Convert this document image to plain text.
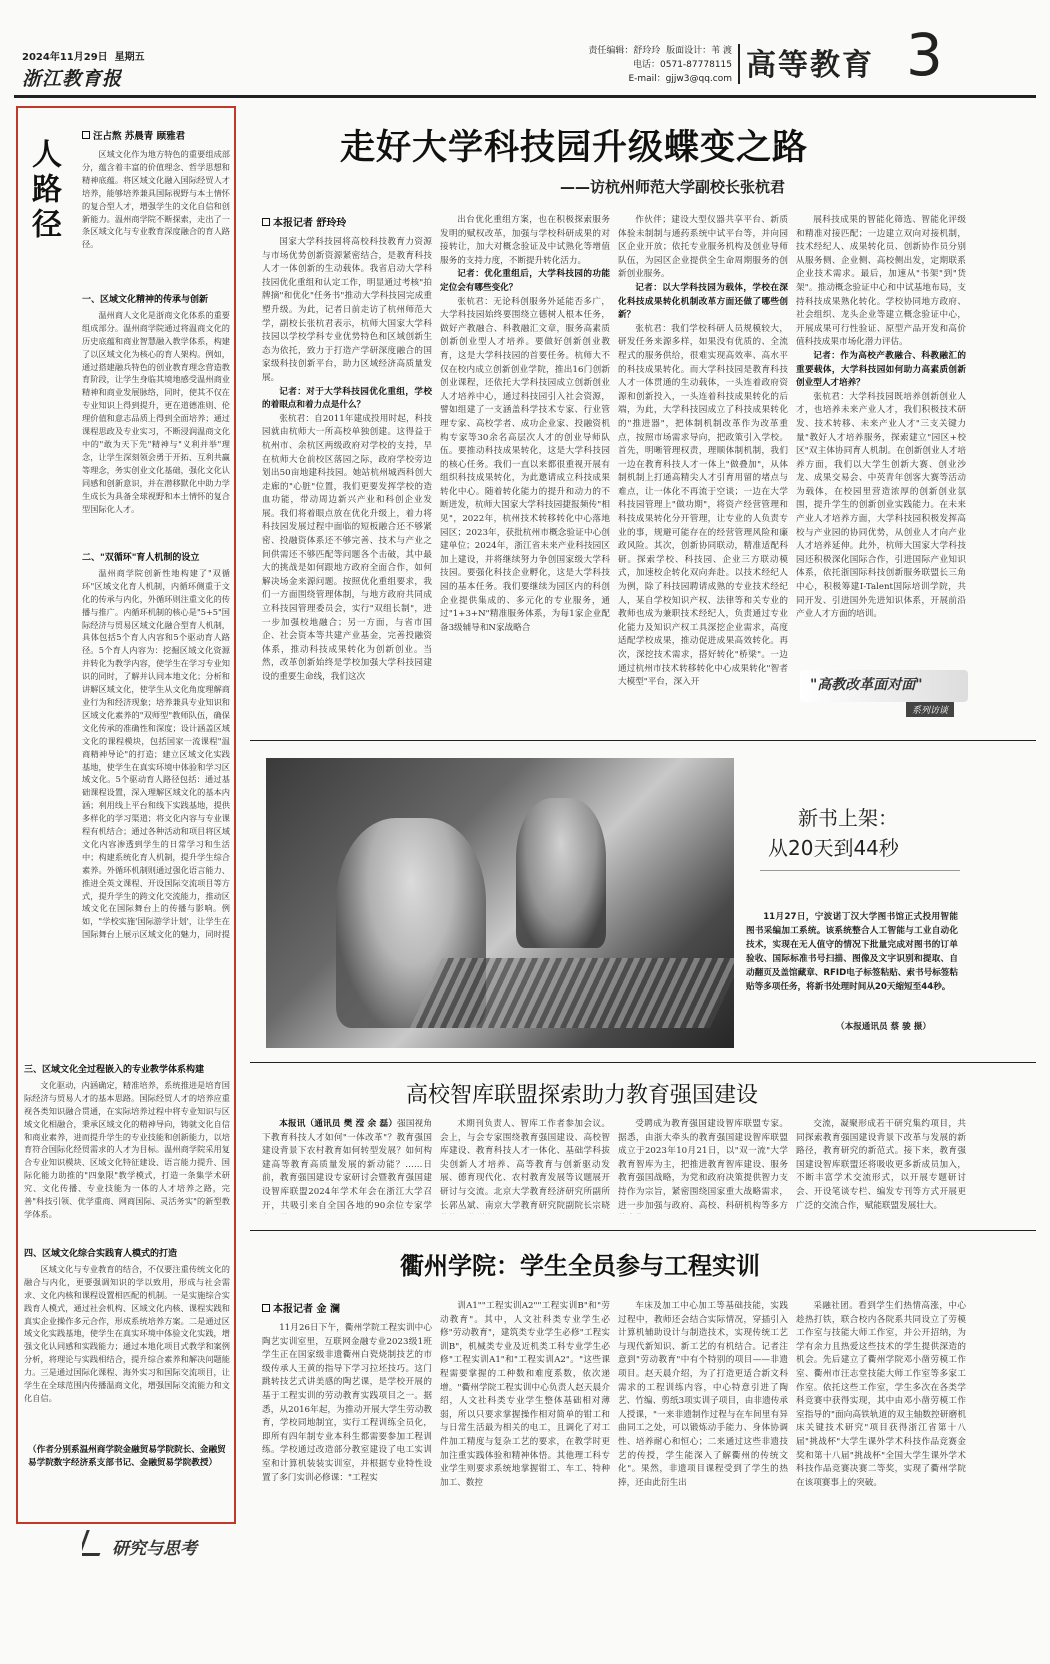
2024年11月29日 星期五
浙江教育报
责任编辑：舒玲玲 版面设计：苇 渡
电话：0571-87778115
E-mail：gjjw3@qq.com 高等教育 3
人路径
汪占熬 苏晨青 顾雅君

区域文化作为地方特色的重要组成部分，蕴含着丰富的价值理念、哲学思想和精神底蕴。将区域文化融入国际经贸人才培养，能够培养兼具国际视野与本土情怀的复合型人才，增强学生的文化自信和创新能力。温州商学院不断探索，走出了一条区域文化与专业教育深度融合的育人路径。

一、区域文化精神的传承与创新

温州商人文化是浙商文化体系的重要组成部分。温州商学院通过将温商文化的历史底蕴和商业智慧融入教学体系，构建了以区域文化为核心的育人架构。例如，通过搭建融兵特色的创业教育理念营造教育阶段，让学生身临其境地感受温州商业精神和商业发展脉络，同时，使其不仅在专业知识上得到提升，更在道德准则、伦理价值和意志品质上得到全面培养；通过课程思政及专业实习，不断浸润温商文化中的"敢为天下先"精神与"义利并举"理念，让学生深刻领会勇于开拓、互利共赢等理念，务实创业文化基础，强化文化认同感和创新意识，并在潜移默化中助力学生成长为具备全球视野和本土情怀的复合型国际化人才。

二、"双循环"育人机制的设立

温州商学院创新性地构建了"双循环"区域文化育人机制，内循环侧重于文化的传承与内化，外循环则注重文化的传播与推广。内循环机制的核心是"5+5"国际经济与贸易区域文化融合型育人机制，具体包括5个育人内容和5个驱动育人路径。5个育人内容为：挖掘区域文化资源并转化为教学内容，使学生在学习专业知识的同时，了解并认同本地文化；分析和讲解区域文化，使学生从文化角度理解商业行为和经济现象；培养兼具专业知识和区域文化素养的"双师型"教师队伍，确保文化传承的准确性和深度；设计涵盖区域文化的课程模块，包括国家一流课程"温商精神导论"的打造；建立区域文化实践基地，使学生在真实环境中体验和学习区域文化。5个驱动育人路径包括：通过基础课程设置，深入理解区域文化的基本内涵；利用线上平台和线下实践基地，提供多样化的学习渠道；将文化内容与专业课程有机结合；通过各种活动和项目将区域文化内容渗透到学生的日常学习和生活中；构建系统化育人机制，提升学生综合素养。外循环机制则通过强化语言能力、推进全英文课程、开设国际交流项目等方式，提升学生的跨文化交流能力，推动区域文化在国际舞台上的传播与影响。例如，"学校实施'国际游学计划'，让学生在国际舞台上展示区域文化的魅力，同时提

三、区域文化全过程嵌入的专业教学体系构建

文化驱动，内涵确定，精准培养，系统推进是培育国际经济与贸易人才的基本思路。国际经贸人才的培养应重视各类知识融合贯通，在实际培养过程中将专业知识与区域文化相融合，秉承区域文化的精神导向，铸就文化自信和商业素养，进而提升学生的专业技能和创新能力，以培育符合国际化经贸需求的人才为目标。温州商学院采用复合专业知识模块、区域文化特征建设、语言能力提升、国际化能力助推的"四象限"教学模式，打造一条集学术研究、文化传播、专业技能为一体的人才培养之路，完善"科技引领、优学重商、网商国际、灵活务实"的新型教学体系。

四、区域文化综合实践育人模式的打造

区域文化与专业教育的结合，不仅要注重传统文化的融合与内化，更要强调知识的学以致用，形成与社会需求、文化内核和课程设置相匹配的机制。一是实施综合实践育人模式，通过社会机构、区域文化内核、课程实践和真实企业操作多元合作，形成系统培养方案。二是通过区域文化实践基地，使学生在真实环境中体验文化实践，增强文化认同感和实践能力；通过本地化项目式教学和案例分析，将理论与实践相结合，提升综合素养和解决问题能力。三是通过国际化课程、海外实习和国际交流项目，让学生在全球范围内传播温商文化，增强国际交流能力和文化自信。

（作者分别系温州商学院金融贸易学院院长、金融贸易学院数字经济系支部书记、金融贸易学院教授）
研究与思考
走好大学科技园升级蝶变之路
——访杭州师范大学副校长张杭君
本报记者 舒玲玲

国家大学科技园将高校科技教育力资源与市场优势创新资源紧密结合，是教育科技人才一体创新的生动载体。我省启动大学科技园优化重组和认定工作，明显通过考核"拍牌摘"和优化"任务书"推动大学科技园完成重塑升级。为此，记者日前走访了杭州师范大学，副校长张杭君表示，杭师大国家大学科技园以学校学科专业优势特色和区域创新生态为依托，致力于打造产学研深度融合的国家级科技创新平台，助力区域经济高质量发展。

记者：对于大学科技园优化重组，学校的着眼点和着力点是什么？

张杭君：自2011年建成投用时起，科技园就由杭师大一所高校单独创建。这得益于杭州市、余杭区两级政府对学校的支持，早在杭师大仓前校区落园之际，政府学校旁边划出50亩地建科技园。她站杭州城西科创大走廊的"心脏"位置，我们更要发挥学校的造血功能，带动周边新兴产业和科创企业发展。我们将着眼点放在优化升级上，着力将科技园发展过程中面临的短板融合还不够紧密、投融资体系还不够完善、技术与产业之间供需还不够匹配等问题各个击破，其中最大的挑战是如何跟地方政府全面合作，如何解决场金来源问题。按照优化重组要求，我们一方面围绕管理体制，与地方政府共同成立科技园管理委员会，实行"双组长制"，进一步加强校地融合；另一方面，与省市国企、社会资本等共建产业基金，完善投融资体系，推动科技成果转化为创新创业。当然，改革创新始终是学校加强大学科技园建设的重要生命线，我们这次

出台优化重组方案，也在积极探索服务发明的赋权改革，加强与学校科研成果的对接转让，加大对概念验证及中试熟化等增值服务的支持力度，不断提升转化活力。

记者：优化重组后，大学科技园的功能定位会有哪些变化？

张杭君：无论科创服务外延能否多广，大学科技园始终要围绕立德树人根本任务，做好产教融合、科教融汇文章，服务高素质创新创业型人才培养。要做好创新创业教育，这是大学科技园的首要任务。杭师大不仅在校内成立创新创业学院，推出16门创新创业课程，还依托大学科技园成立创新创业人才培养中心，通过科技园引入社会资源，譬如组建了一支涵盖科学技术专家、行业管理专家、高校学者、成功企业家、投融资机构专家等30余名高层次人才的创业导师队伍。要推动科技成果转化，这是大学科技园的核心任务。我们一直以来都很重视开展有组织科技成果转化，为此邀请成立科技成果转化中心。随着转化能力的提升和动力的不断迸发，杭师大国家大学科技园捷报频传"相见"，2022年，杭州技术转移转化中心落地园区；2023年，获批杭州市概念验证中心创建单位；2024年，浙江省未来产业科技园区加上建设，并将继续努力争创国家级大学科技园。要强化科技企业孵化，这是大学科技园的基本任务。我们要继续为园区内的科创企业提供集成的、多元化的专业服务，通过"1+3+N"精准服务体系，为每1家企业配备3级辅导和N家战略合

作伙伴；建设大型仪器共享平台、新质体验未制制与通药系统中试平台等，并向园区企业开放；依托专业服务机构及创业导师队伍，为园区企业提供全生命周期服务的创新创业服务。

记者：以大学科技园为载体，学校在深化科技成果转化机制改革方面还做了哪些创新？

张杭君：我们学校科研人员规模较大，研发任务来源多样，如果没有优质的、全流程式的服务供给，很难实现高效率、高水平的科技成果转化。而大学科技园是教育科技人才一体贯通的生动载体，一头连着政府资源和创新投入，一头连着科技成果转化的后端，为此，大学科技园成立了科技成果转化的"推进器"，把体制机制改革作为改革重点，按照市场需求导向，把政策引入学校。首先，明晰管理权责，理顺体制机制，我们一边在教育科技人才一体上"做叠加"，从体制机制上打通高精尖人才引育用留的堵点与难点，让一体化不再流于空谈；一边在大学科技园管理上"做功期"，将资产经营管理和科技成果转化分开管理，让专业的人负责专业的事，规避可能存在的经营管理风险和廉政风险。其次，创新协同联动，精准适配科研。探索学校、科技园、企业三方联动模式，加速校企转化双向奔赴。以技术经纪人为例，除了科技园聘请成熟的专业技术经纪人，某自学校知识产权、法律等和关专业的教师也成为兼职技术经纪人，负责通过专业化能力及知识产权工具深挖企业需求，高度适配学校成果，推动促进成果高效转化。再次，深挖技术需求，搭好转化"桥梁"。一边通过杭州市技术转移转化中心成果转化"智者大模型"平台，深入开

展科技成果的智能化筛选、智能化评级和精准对接匹配；一边建立双向对接机制，技术经纪人、成果转化员、创新协作员分别从服务侧、企业侧、高校侧出发，定期联系企业技术需求。最后，加速从"书架"到"货架"。推动概念验证中心和中试基地布局，支持科技成果熟化转化。学校协同地方政府、社会组织、龙头企业等建立概念验证中心，开展成果可行性验证、原型产品开发和高价值科技成果市场化潜力评估。

记者：作为高校产教融合、科教融汇的重要载体，大学科技园如何助力高素质创新创业型人才培养？

张杭君：大学科技园既培养创新创业人才，也培养未来产业人才，我们积极技术研发、技术转移、未来产业人才"三支关键力量"教好人才培养服务，探索建立"园区+校区"双主体协同育人机制。在创新创业人才培养方面，我们以大学生创新大赛、创业沙龙、成果交易会、中英青年创客大赛等活动为载体，在校园里营造浓厚的创新创业氛围，提升学生的创新创业实践能力。在未来产业人才培养方面，大学科技园积极发挥高校与产业园的协同优势，从创业人才向产业人才培养延伸。此外，杭师大国家大学科技园还积极深化国际合作，引进国际产业知识体系，依托浙国际科技创新服务联盟长三角中心，积极筹建I-Talent国际培训学院，共同开发、引进国外先进知识体系，开展前沿产业人才方面的培训。

"高教改革面对面"
系列访谈
新书上架：
从20天到44秒
11月27日，宁波诺丁汉大学图书馆正式投用智能图书采编加工系统。该系统整合人工智能与工业自动化技术，实现在无人值守的情况下批量完成对图书的订单验收、国际标准书号扫描、图像及文字识别和提取、自动翻页及盖馆藏章、RFID电子标签粘贴、索书号标签粘贴等多项任务，将新书处理时间从20天缩短至44秒。
（本报通讯员 蔡 骏 摄）
高校智库联盟探索助力教育强国建设

本报讯（通讯员 樊 滢 余 磊）强国视角下教育科技人才如何"一体改革"？教育强国建设背景下农村教育如何转型发展？如何构建高等教育高质量发展的新动能？……日前，教育强国建设专家研讨会暨教育强国建设智库联盟2024年学术年会在浙江大学召开，共吸引来自全国各地的90余位专家学

术期刊负责人、智库工作者参加会议。会上，与会专家围绕教育强国建设、高校智库建设、教育科技人才一体化、基础学科拔尖创新人才培养、高等教育与创新驱动发展、德育现代化、农村教育发展等议题展开研讨与交流。北京大学教育经济研究所副所长郭丛斌、南京大学教育研究院副院长宗晓

受聘成为教育强国建设智库联盟专家。据悉，由浙大牵头的教育强国建设智库联盟成立于2023年10月21日，以"双一流"大学教育智库为主，把推进教育智库建设、服务教育强国战略，为党和政府决策提供智力支持作为宗旨，紧密围绕国家重大战略需求，进一步加强与政府、高校、科研机构等多方

交流，凝聚形成若干研究集约项目，共同探索教育强国建设背景下改革与发展的新路径，教育研究的新范式。接下来，教育强国建设智库联盟还将吸收更多新成员加入，不断丰富学术交流形式，以开展专题研讨会、开设笔谈专栏、编发专刊等方式开展更广泛的交流合作，赋能联盟发展壮大。

衢州学院：学生全员参与工程实训
本报记者 金 澜

11月26日下午，衢州学院工程实训中心陶艺实训室里，互联网金融专业2023级1班学生正在国家级非遗衢州白瓷烧制技艺的市级传承人王黄的指导下学习拉坯技巧。这门跳转技艺式讲美感的陶艺课，是学校开展的基于工程实训的劳动教育实践项目之一。据悉，从2016年起，为推动开展大学生劳动教育，学校同地制宜，实行工程训练全员化，即所有四年制专业本科生都需要参加工程训练。学校通过改造部分教室建设了电工实训室和计算机装装实训室，并根据专业特性设置了多门实训必修课："工程实

训A1""工程实训A2""工程实训B"和"劳动教育"。其中，人文社科类专业学生必修"劳动教育"，建筑类专业学生必修"工程实训B"，机械类专业及近机类工科专业学生必修"工程实训A1"和"工程实训A2"。"这些课程需要掌握的工种数和难度系数，依次递增。"衢州学院工程实训中心负责人赵天晨介绍，人文社科类专业学生整体基础相对薄弱，所以只要求掌握操作相对简单的钳工和与日常生活最为相关的电工，且调化了对工件加工精度与复杂工艺的要求，在教学时更加注重实践体验和精神体悟。其他理工科专业学生则要求系统地掌握钳工、车工、特种加工、数控

车床及加工中心加工等基础技能，实践过程中，教师还会结合实际情况，穿插引入计算机辅助设计与制造技术，实现传统工艺与现代新知识、新工艺的有机结合。记者注意到"劳动教育"中有个特别的项目——非遗项目。赵天晨介绍，为了打造更适合新文科需求的工程训练内容，中心特意引进了陶艺、竹编、剪纸3项实训子项目，由非遗传承人授课，"一来非遗制作过程与在车间里有异曲同工之处，可以锻炼动手能力、身体协调性、培养耐心和恒心；二来通过这些非遗技艺的传授，学生能深入了解衢州的传统文化"。果然，非遗项目课程受到了学生的热捧，还由此衍生出

采融社团。看到学生们热情高涨，中心趁热打铁，联合校内各院系共同设立了劳模工作室与技能大师工作室，并公开招纳，为学有余力且热爱这些技术的学生提供深造的机会。先后建立了衢州学院邓小凿劳模工作室、衢州市汪志堂技能大师工作室等多家工作室。依托这些工作室，学生多次在各类学科竞赛中获得实现，其中由邓小凿劳模工作室指导的"面向高铁轨道的双主轴数控研磨机床关键技术研究"项目获得浙江省第十八届"挑战杯"大学生课外学术科技作品竞赛金奖和第十八届"挑战杯"全国大学生课外学术科技作品竞赛决赛二等奖，实现了衢州学院在该项赛事上的突破。
